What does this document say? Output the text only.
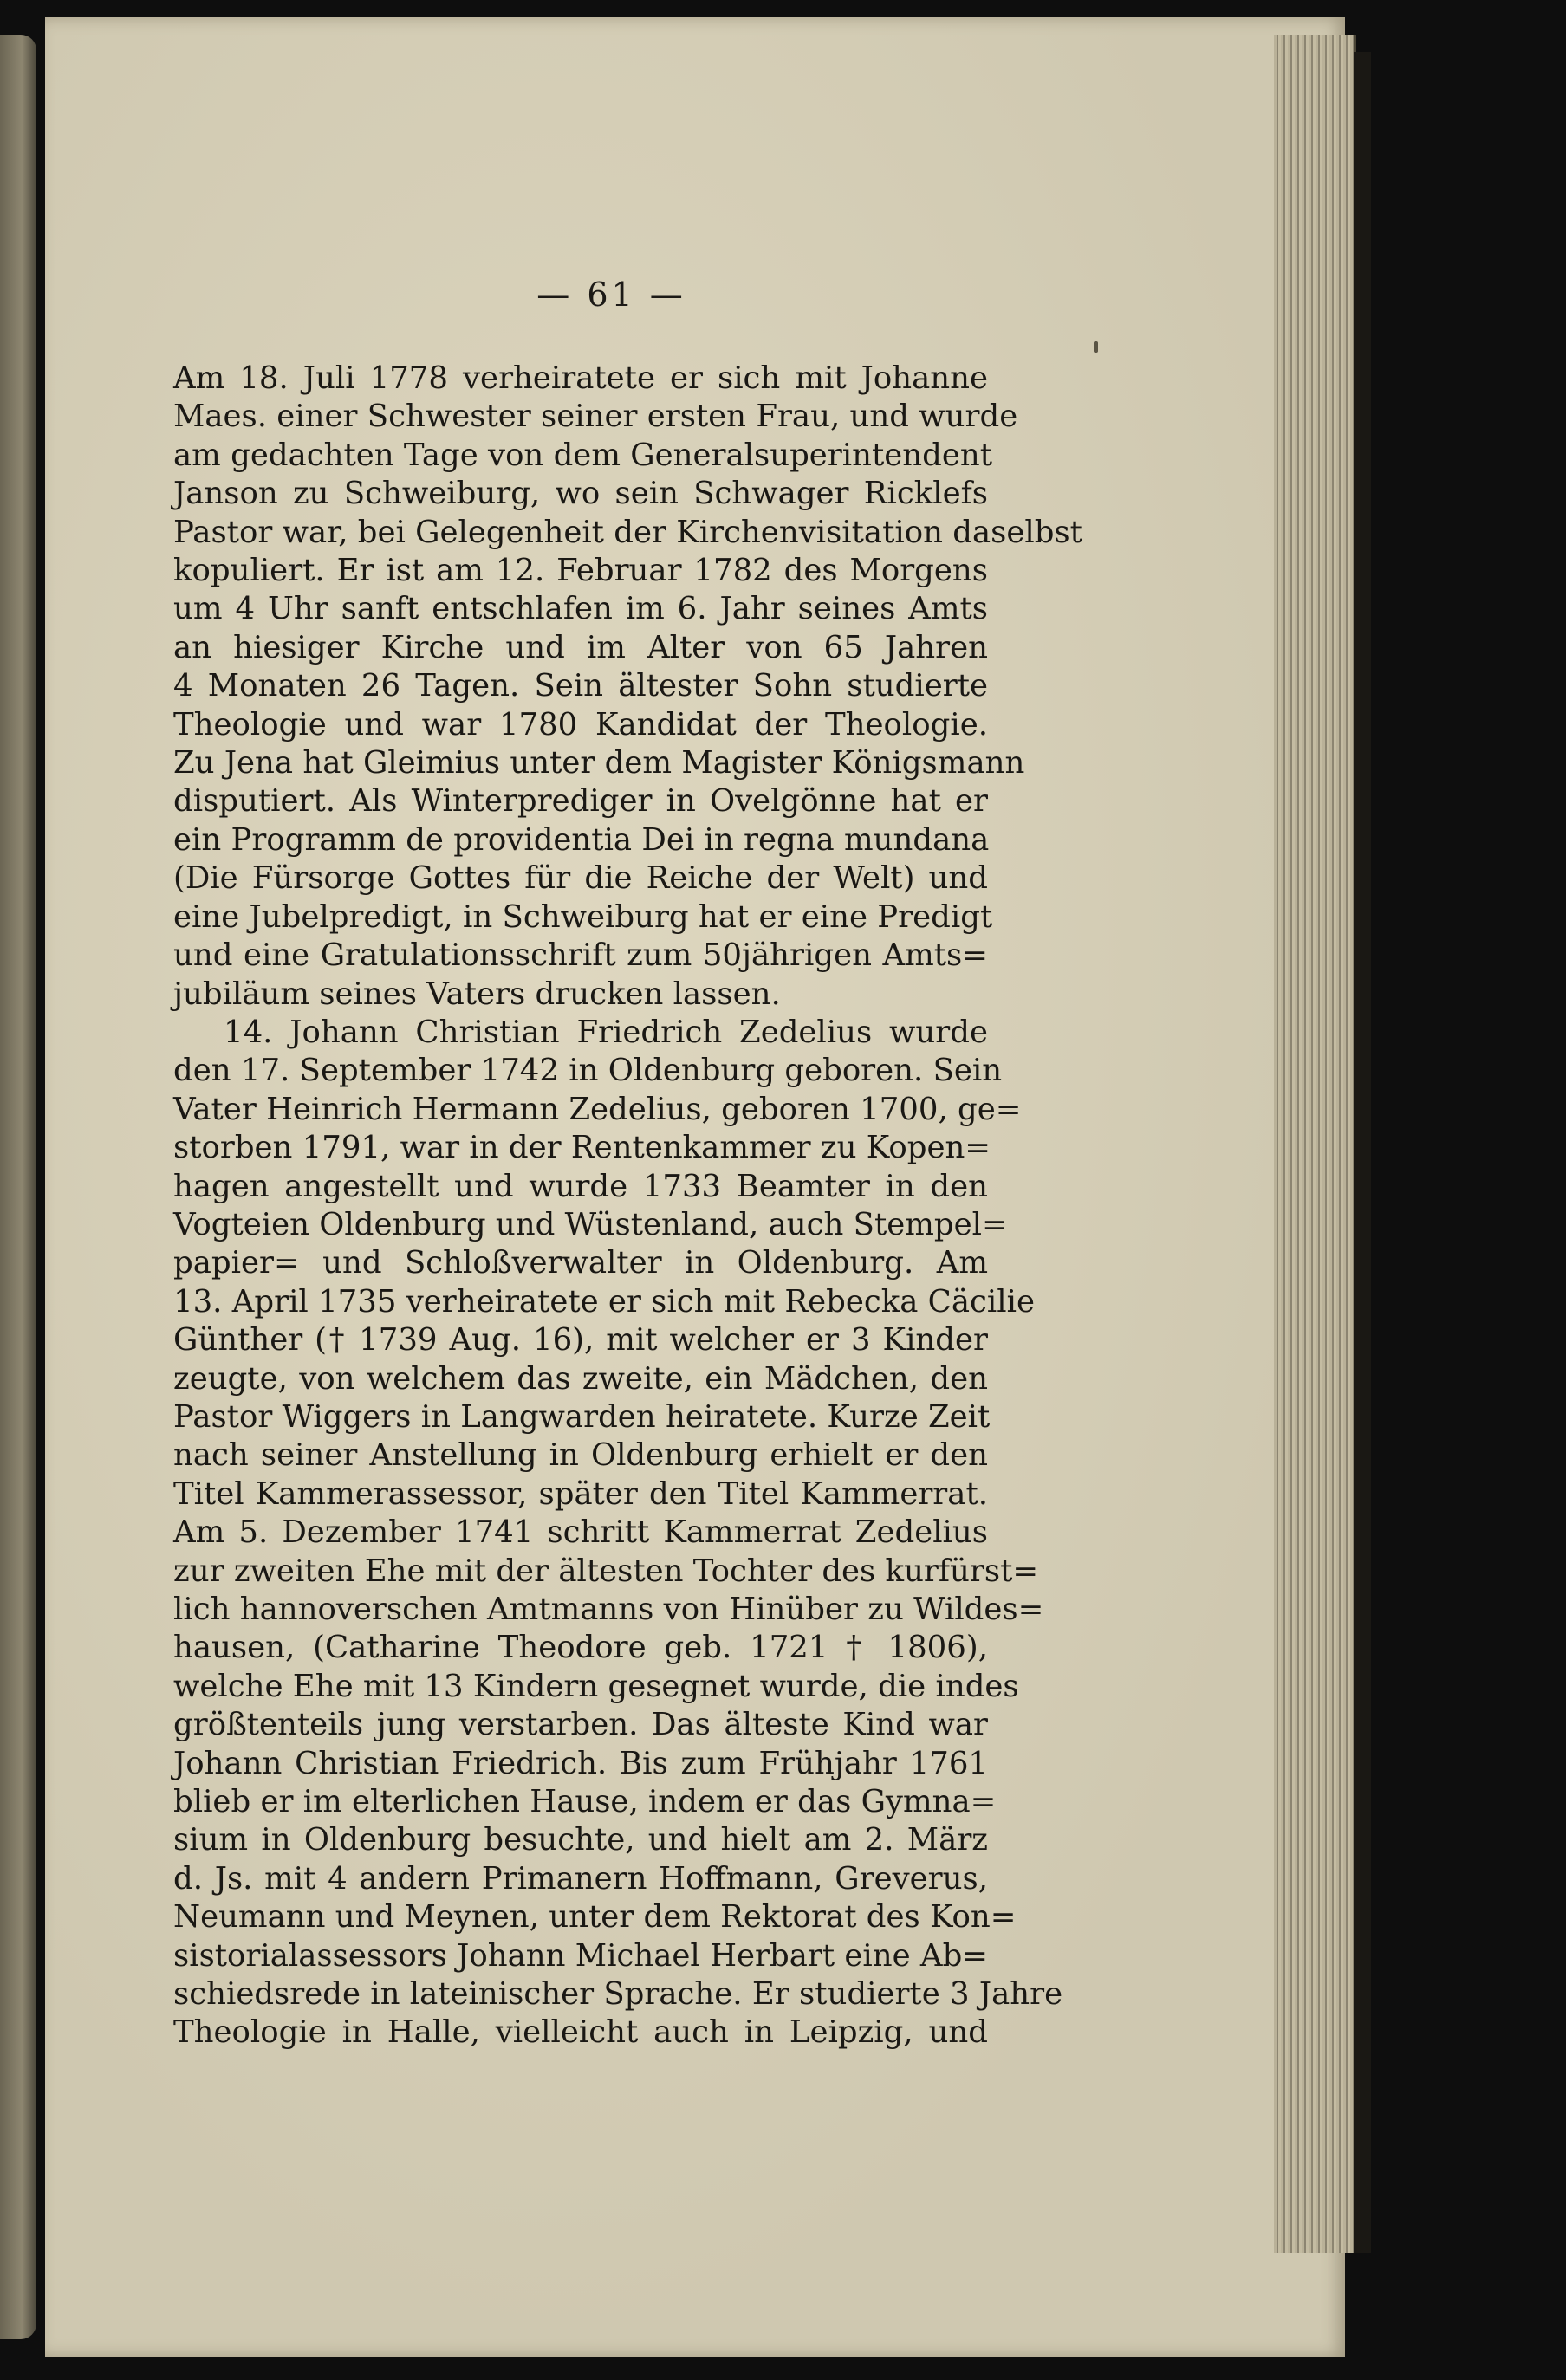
— 61 —
Am 18. Juli 1778 verheiratete er sich mit Johanne
Maes. einer Schwester seiner ersten Frau, und wurde
am gedachten Tage von dem Generalsuperintendent
Janson zu Schweiburg, wo sein Schwager Ricklefs
Pastor war, bei Gelegenheit der Kirchenvisitation daselbst
kopuliert. Er ist am 12. Februar 1782 des Morgens
um 4 Uhr sanft entschlafen im 6. Jahr seines Amts
an hiesiger Kirche und im Alter von 65 Jahren
4 Monaten 26 Tagen. Sein ältester Sohn studierte
Theologie und war 1780 Kandidat der Theologie.
Zu Jena hat Gleimius unter dem Magister Königsmann
disputiert. Als Winterprediger in Ovelgönne hat er
ein Programm de providentia Dei in regna mundana
(Die Fürsorge Gottes für die Reiche der Welt) und
eine Jubelpredigt, in Schweiburg hat er eine Predigt
und eine Gratulationsschrift zum 50jährigen Amts=
jubiläum seines Vaters drucken lassen.
14. Johann Christian Friedrich Zedelius wurde
den 17. September 1742 in Oldenburg geboren. Sein
Vater Heinrich Hermann Zedelius, geboren 1700, ge=
storben 1791, war in der Rentenkammer zu Kopen=
hagen angestellt und wurde 1733 Beamter in den
Vogteien Oldenburg und Wüstenland, auch Stempel=
papier= und Schloßverwalter in Oldenburg. Am
13. April 1735 verheiratete er sich mit Rebecka Cäcilie
Günther († 1739 Aug. 16), mit welcher er 3 Kinder
zeugte, von welchem das zweite, ein Mädchen, den
Pastor Wiggers in Langwarden heiratete. Kurze Zeit
nach seiner Anstellung in Oldenburg erhielt er den
Titel Kammerassessor, später den Titel Kammerrat.
Am 5. Dezember 1741 schritt Kammerrat Zedelius
zur zweiten Ehe mit der ältesten Tochter des kurfürst=
lich hannoverschen Amtmanns von Hinüber zu Wildes=
hausen, (Catharine Theodore geb. 1721 † 1806),
welche Ehe mit 13 Kindern gesegnet wurde, die indes
größtenteils jung verstarben. Das älteste Kind war
Johann Christian Friedrich. Bis zum Frühjahr 1761
blieb er im elterlichen Hause, indem er das Gymna=
sium in Oldenburg besuchte, und hielt am 2. März
d. Js. mit 4 andern Primanern Hoffmann, Greverus,
Neumann und Meynen, unter dem Rektorat des Kon=
sistorialassessors Johann Michael Herbart eine Ab=
schiedsrede in lateinischer Sprache. Er studierte 3 Jahre
Theologie in Halle, vielleicht auch in Leipzig, und
